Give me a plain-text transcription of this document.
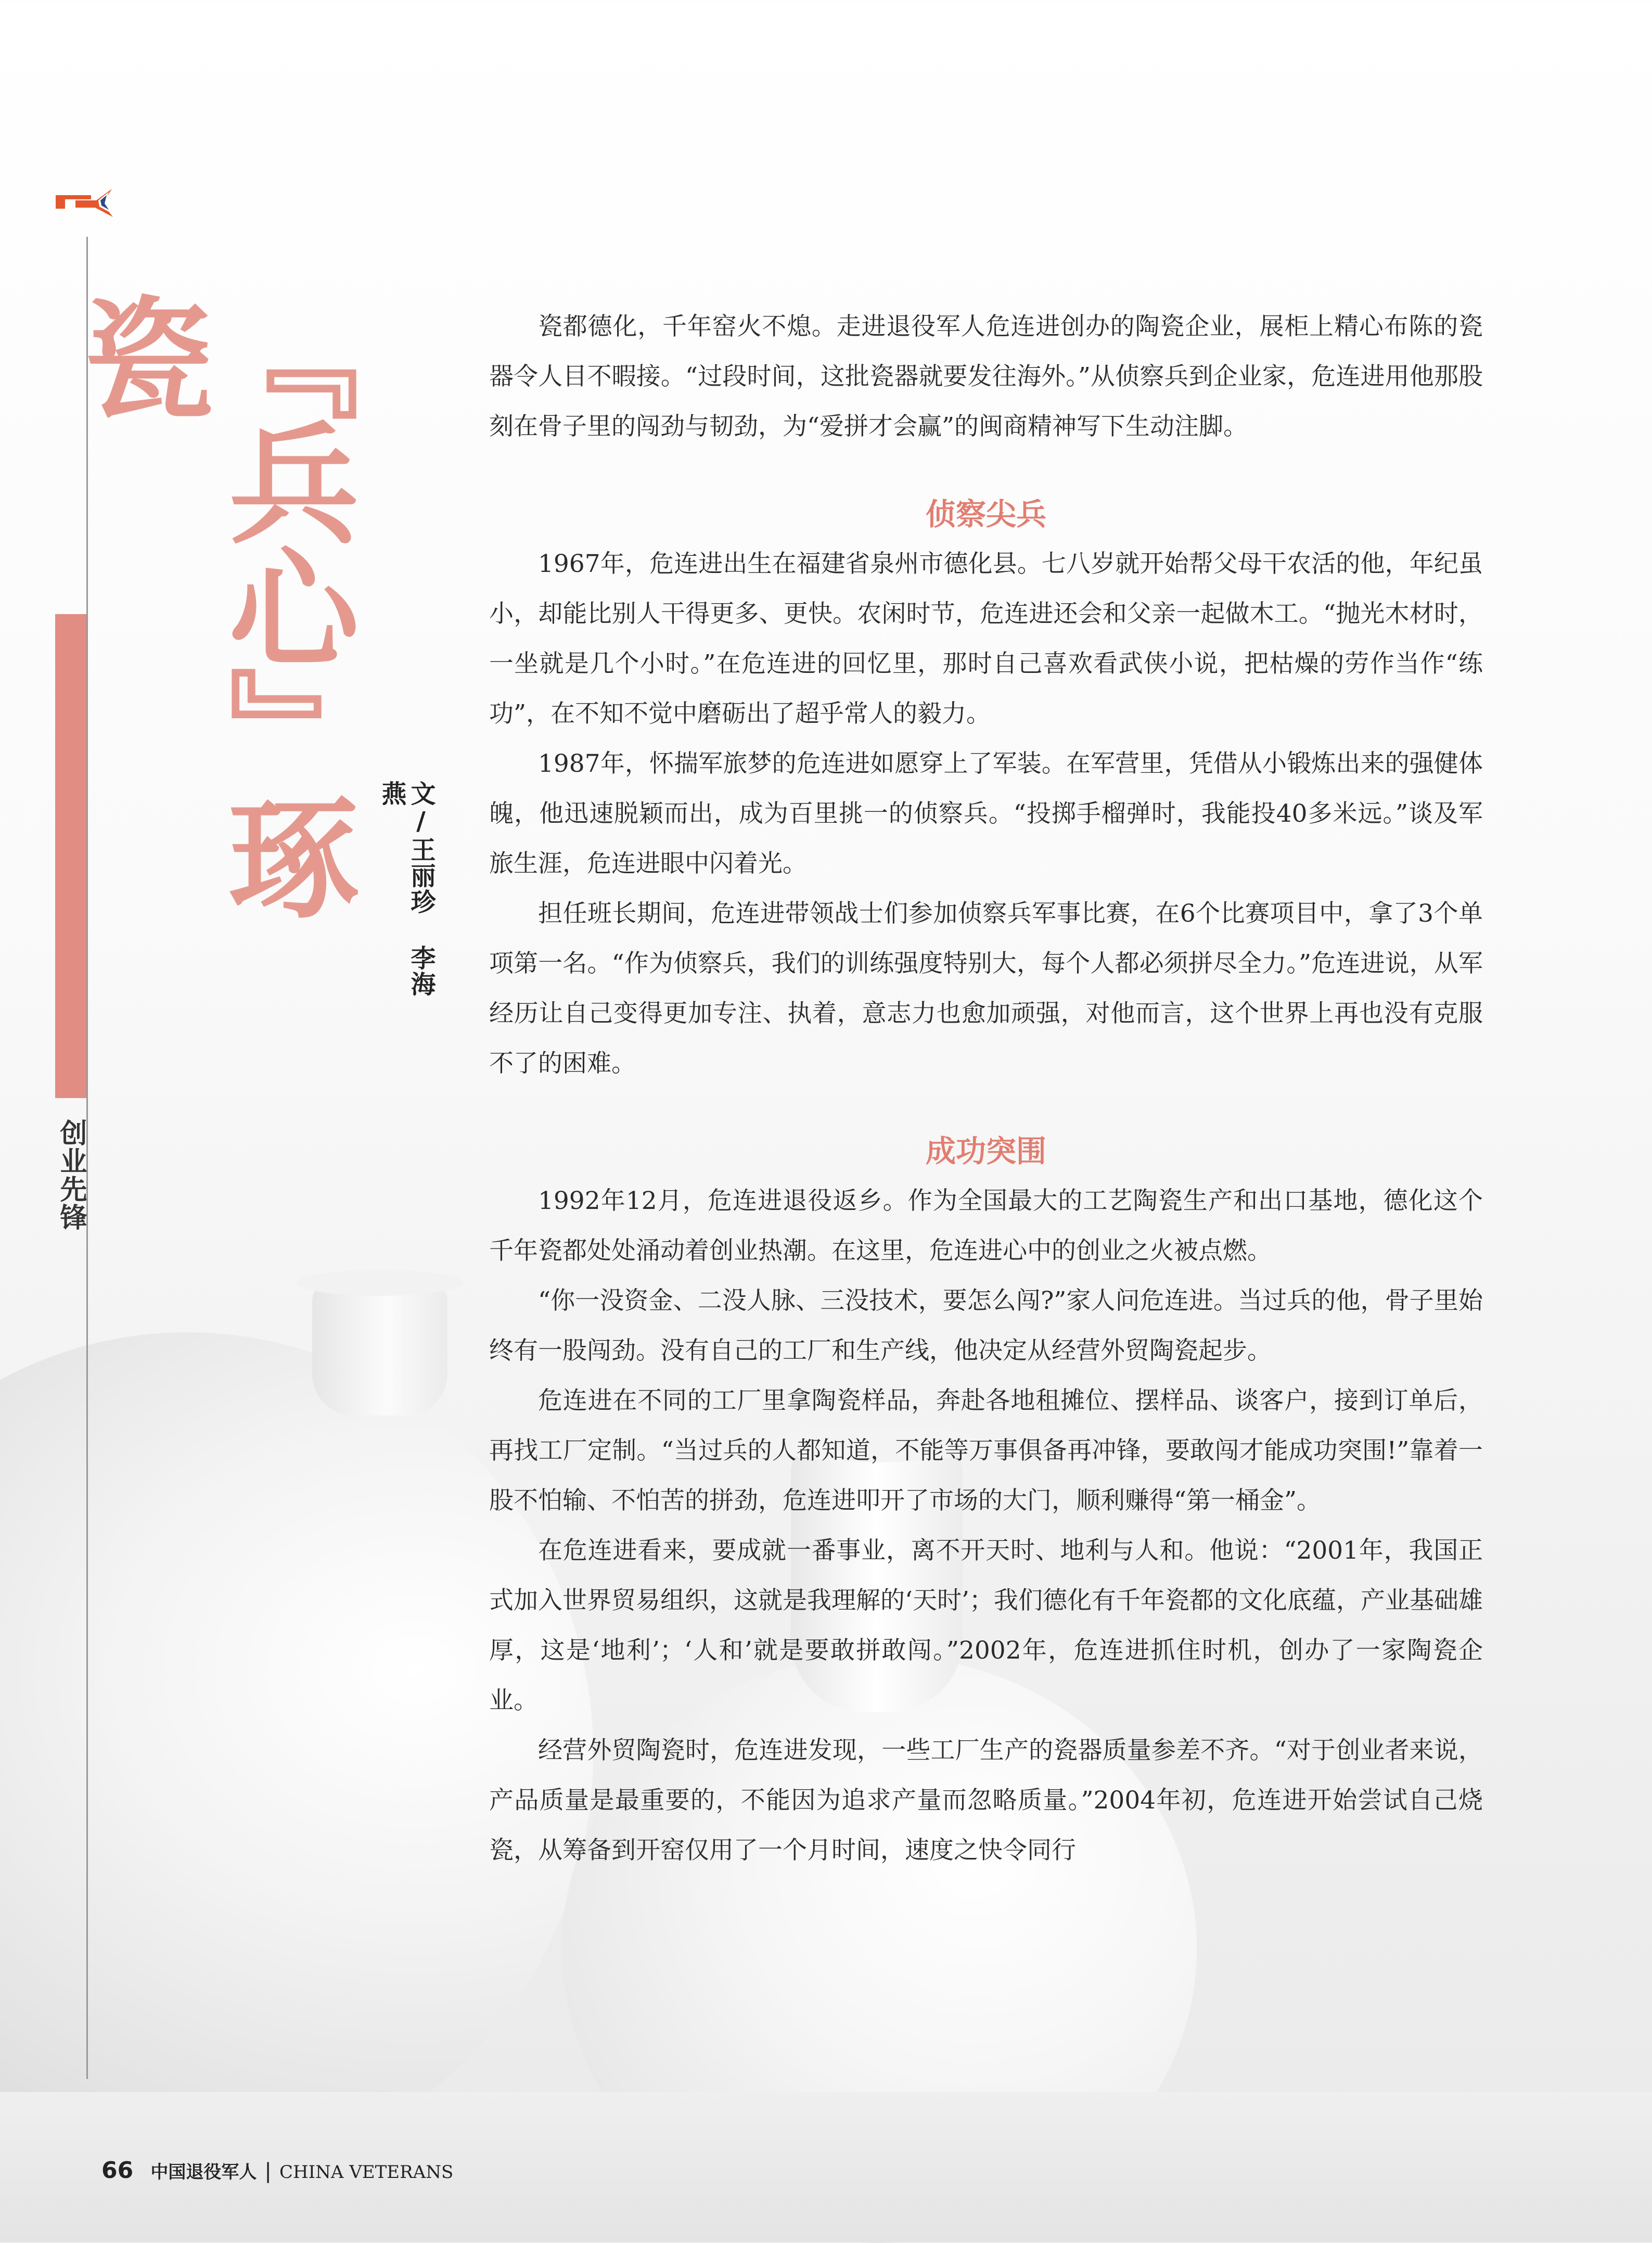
创业先锋
『兵心』琢瓷
文/王丽珍 李海燕

瓷都德化，千年窑火不熄。走进退役军人危连进创办的陶瓷企业，展柜上精心布陈的瓷器令人目不暇接。“过段时间，这批瓷器就要发往海外。”从侦察兵到企业家，危连进用他那股刻在骨子里的闯劲与韧劲，为“爱拼才会赢”的闽商精神写下生动注脚。

侦察尖兵

1967年，危连进出生在福建省泉州市德化县。七八岁就开始帮父母干农活的他，年纪虽小，却能比别人干得更多、更快。农闲时节，危连进还会和父亲一起做木工。“抛光木材时，一坐就是几个小时。”在危连进的回忆里，那时自己喜欢看武侠小说，把枯燥的劳作当作“练功”，在不知不觉中磨砺出了超乎常人的毅力。

1987年，怀揣军旅梦的危连进如愿穿上了军装。在军营里，凭借从小锻炼出来的强健体魄，他迅速脱颖而出，成为百里挑一的侦察兵。“投掷手榴弹时，我能投40多米远。”谈及军旅生涯，危连进眼中闪着光。

担任班长期间，危连进带领战士们参加侦察兵军事比赛，在6个比赛项目中，拿了3个单项第一名。“作为侦察兵，我们的训练强度特别大，每个人都必须拼尽全力。”危连进说，从军经历让自己变得更加专注、执着，意志力也愈加顽强，对他而言，这个世界上再也没有克服不了的困难。

成功突围

1992年12月，危连进退役返乡。作为全国最大的工艺陶瓷生产和出口基地，德化这个千年瓷都处处涌动着创业热潮。在这里，危连进心中的创业之火被点燃。

“你一没资金、二没人脉、三没技术，要怎么闯?”家人问危连进。当过兵的他，骨子里始终有一股闯劲。没有自己的工厂和生产线，他决定从经营外贸陶瓷起步。

危连进在不同的工厂里拿陶瓷样品，奔赴各地租摊位、摆样品、谈客户，接到订单后，再找工厂定制。“当过兵的人都知道，不能等万事俱备再冲锋，要敢闯才能成功突围!”靠着一股不怕输、不怕苦的拼劲，危连进叩开了市场的大门，顺利赚得“第一桶金”。

在危连进看来，要成就一番事业，离不开天时、地利与人和。他说：“2001年，我国正式加入世界贸易组织，这就是我理解的‘天时’；我们德化有千年瓷都的文化底蕴，产业基础雄厚，这是‘地利’；‘人和’就是要敢拼敢闯。”2002年，危连进抓住时机，创办了一家陶瓷企业。

经营外贸陶瓷时，危连进发现，一些工厂生产的瓷器质量参差不齐。“对于创业者来说，产品质量是最重要的，不能因为追求产量而忽略质量。”2004年初，危连进开始尝试自己烧瓷，从筹备到开窑仅用了一个月时间，速度之快令同行

66 中国退役军人 | CHINA VETERANS
